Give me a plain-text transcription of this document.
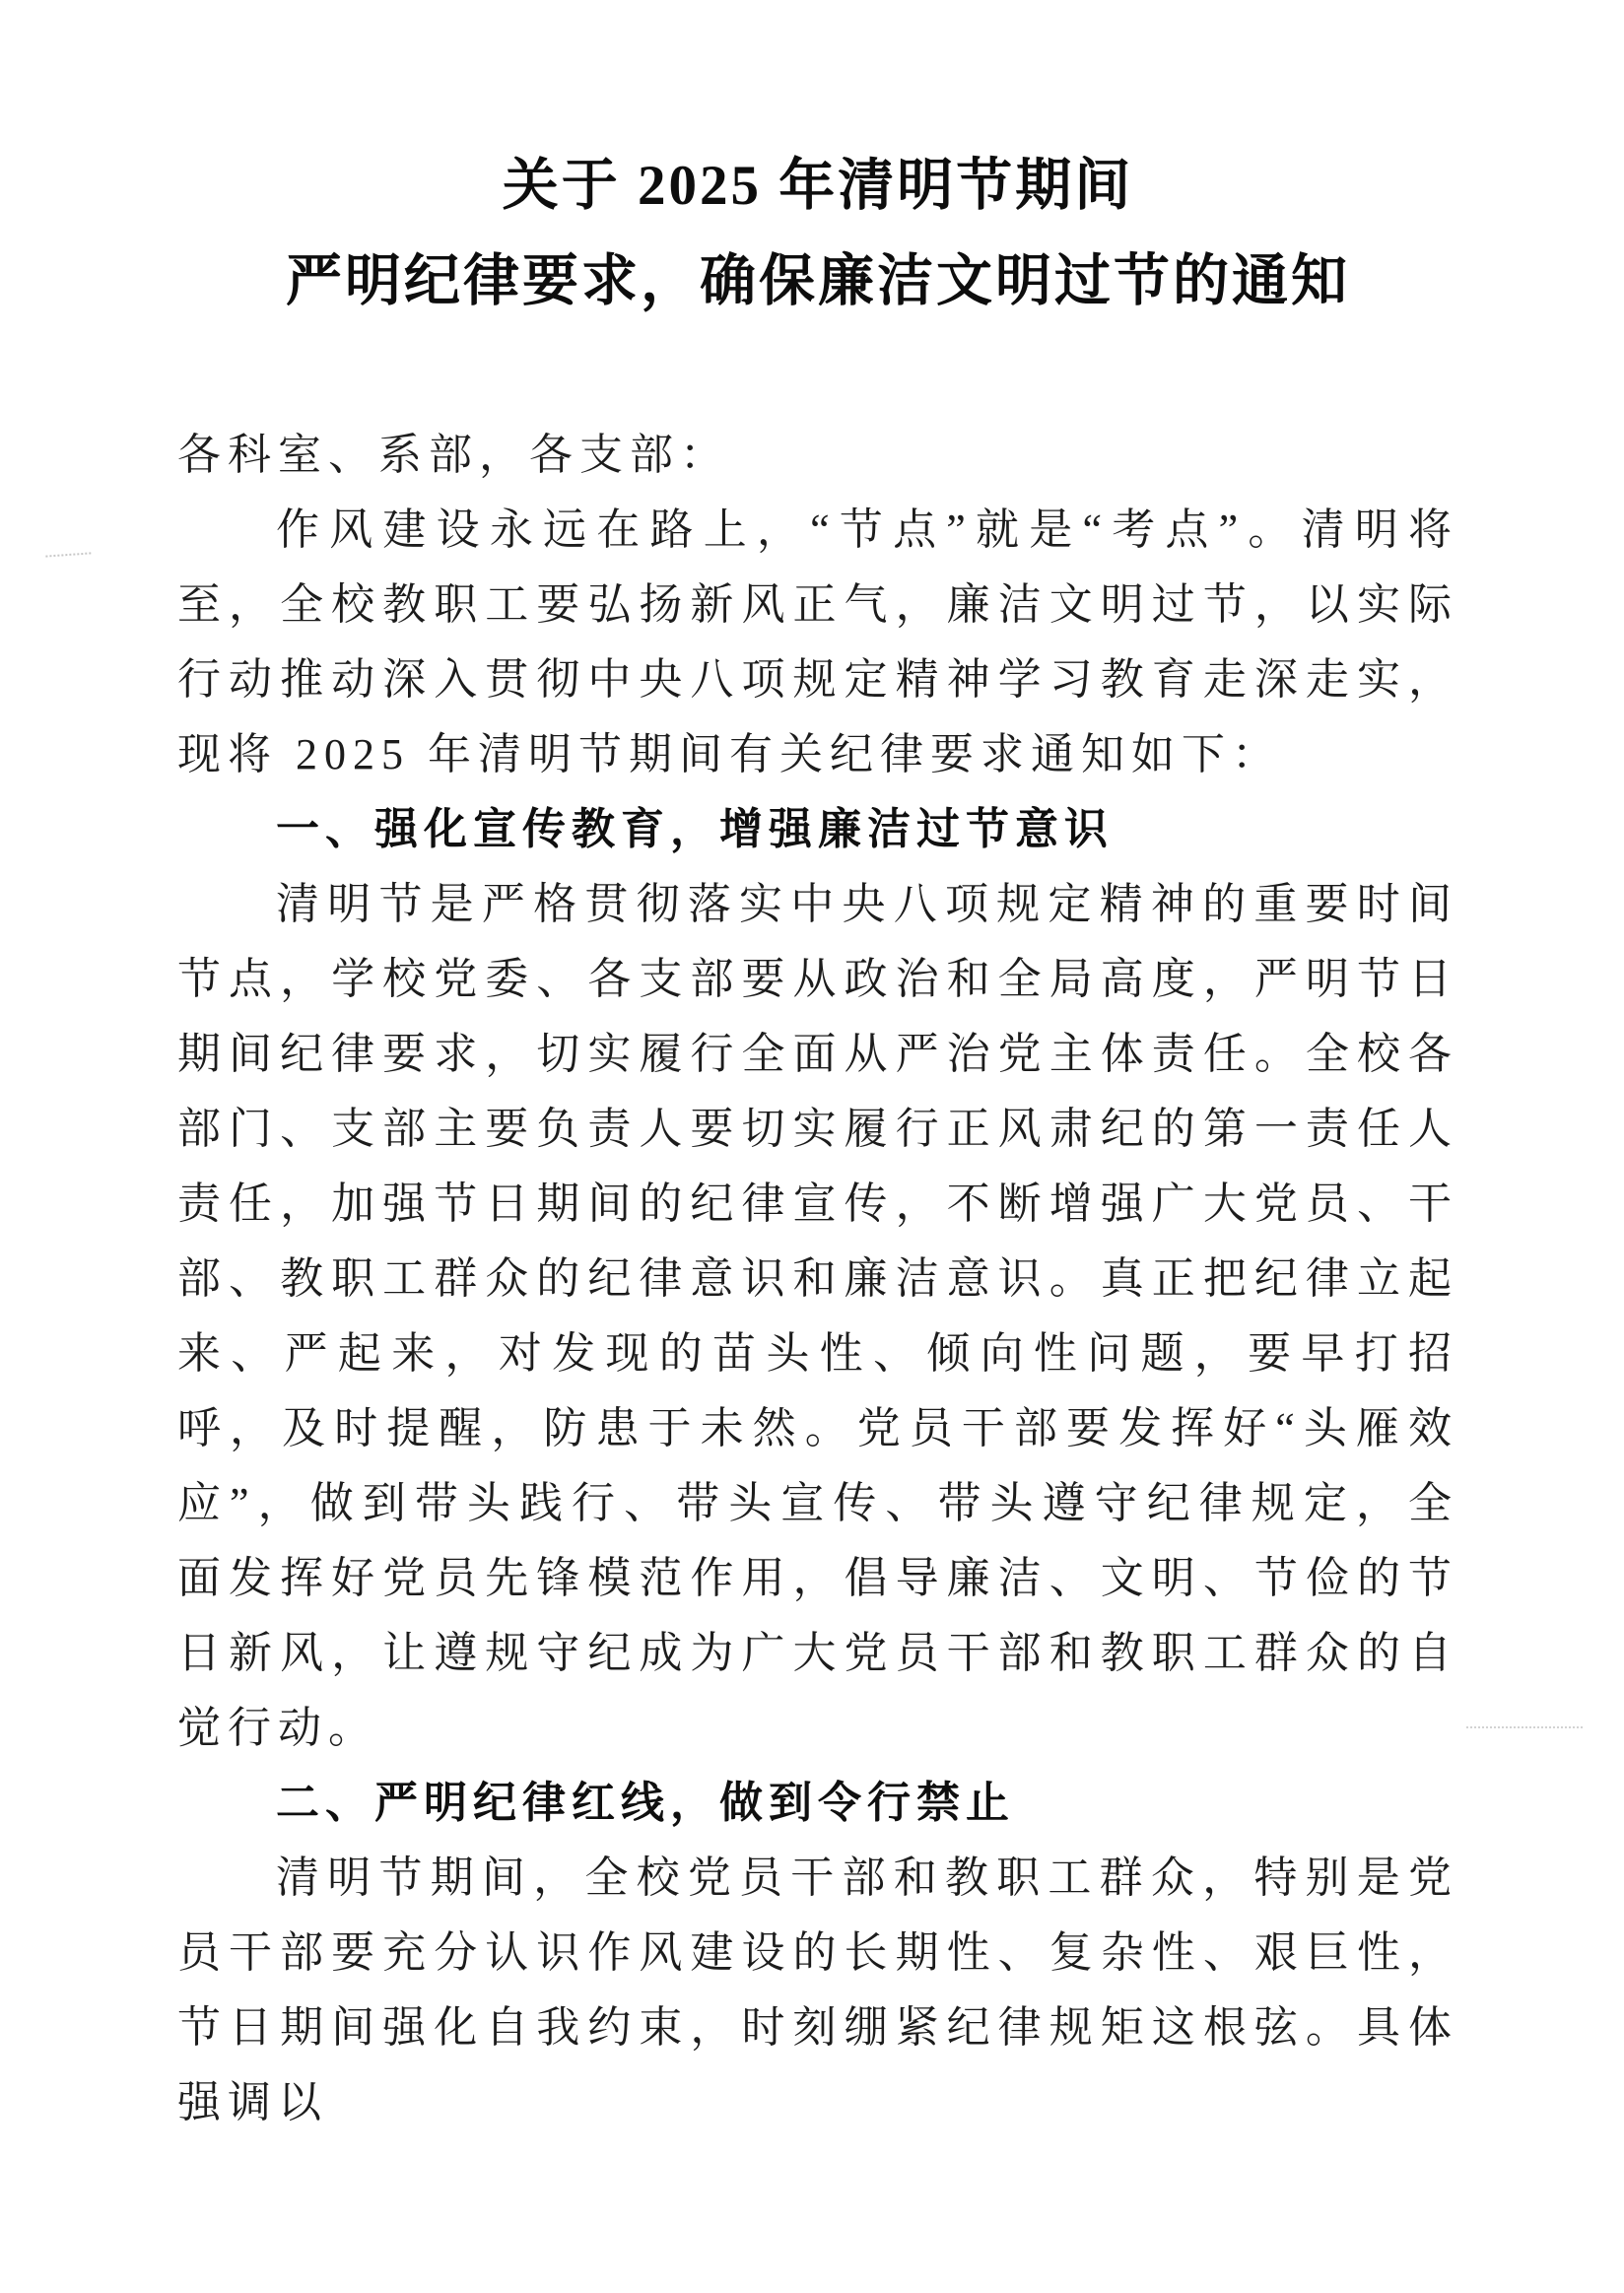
关于 2025 年清明节期间
严明纪律要求，确保廉洁文明过节的通知

各科室、系部，各支部：

作风建设永远在路上，“节点”就是“考点”。清明将至，全校教职工要弘扬新风正气，廉洁文明过节，以实际行动推动深入贯彻中央八项规定精神学习教育走深走实，现将 2025 年清明节期间有关纪律要求通知如下：

一、强化宣传教育，增强廉洁过节意识

清明节是严格贯彻落实中央八项规定精神的重要时间节点，学校党委、各支部要从政治和全局高度，严明节日期间纪律要求，切实履行全面从严治党主体责任。全校各部门、支部主要负责人要切实履行正风肃纪的第一责任人责任，加强节日期间的纪律宣传，不断增强广大党员、干部、教职工群众的纪律意识和廉洁意识。真正把纪律立起来、严起来，对发现的苗头性、倾向性问题，要早打招呼，及时提醒，防患于未然。党员干部要发挥好“头雁效应”，做到带头践行、带头宣传、带头遵守纪律规定，全面发挥好党员先锋模范作用，倡导廉洁、文明、节俭的节日新风，让遵规守纪成为广大党员干部和教职工群众的自觉行动。

二、严明纪律红线，做到令行禁止

清明节期间，全校党员干部和教职工群众，特别是党员干部要充分认识作风建设的长期性、复杂性、艰巨性，节日期间强化自我约束，时刻绷紧纪律规矩这根弦。具体强调以
